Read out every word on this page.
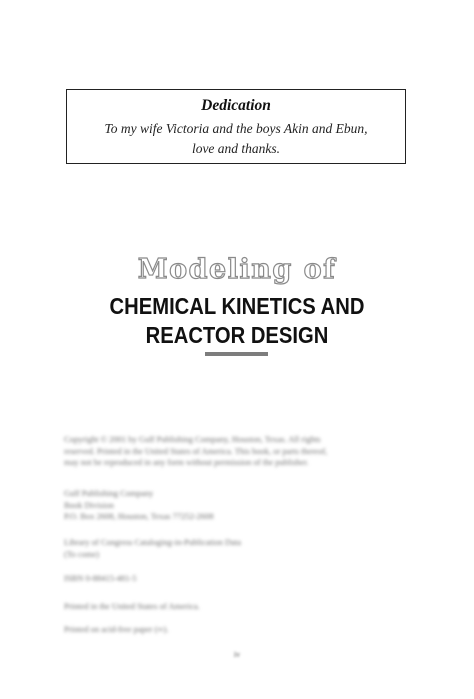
Dedication
To my wife Victoria and the boys Akin and Ebun,
love and thanks.
Modeling of
CHEMICAL KINETICS AND
REACTOR DESIGN
Copyright © 2001 by Gulf Publishing Company, Houston, Texas. All rights
reserved. Printed in the United States of America. This book, or parts thereof,
may not be reproduced in any form without permission of the publisher.
Gulf Publishing Company
Book Division
P.O. Box 2608, Houston, Texas 77252-2608
Library of Congress Cataloging-in-Publication Data
(To come)
ISBN 0-88415-481-5
Printed in the United States of America.
Printed on acid-free paper (∞).
iv
